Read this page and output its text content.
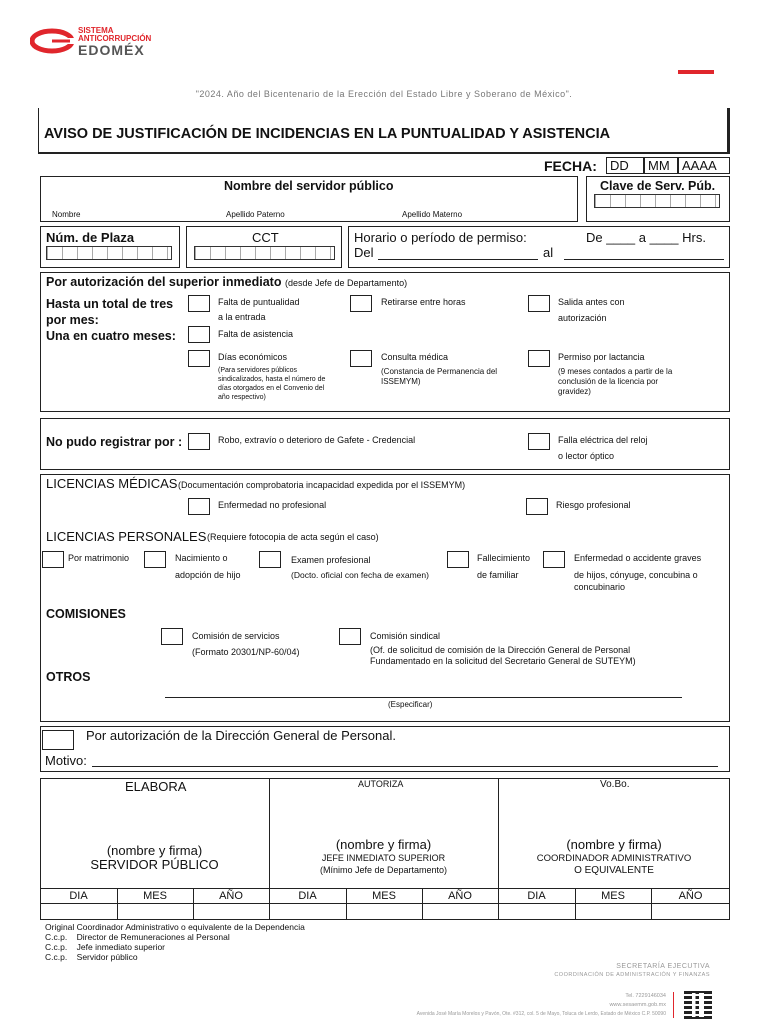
SISTEMA
ANTICORRUPCIÓN
EDOMÉX
"2024. Año del Bicentenario de la Erección del Estado Libre y Soberano de México".
AVISO DE JUSTIFICACIÓN DE INCIDENCIAS EN LA PUNTUALIDAD Y ASISTENCIA
FECHA: DD MM AAAA
Nombre del servidor público
Nombre	Apellido Paterno	Apellido Materno
Clave de Serv. Púb.
Núm. de Plaza	CCT	Horario o período de permiso:	De ____ a ____ Hrs.
Del	al
Por autorización del superior inmediato (desde Jefe de Departamento)
Hasta un total de tres
por mes:
Una en cuatro meses:
Falta de puntualidad
a la entrada
Retirarse entre horas	Salida antes con
autorización
Falta de asistencia
Días económicos
(Para servidores públicos
sindicalizados, hasta el número de
días otorgados en el Convenio del
año respectivo)
Consulta médica
(Constancia de Permanencia del
ISSEMYM)
Permiso por lactancia
(9 meses contados a partir de la
conclusión de la licencia por
gravidez)
No pudo registrar por :	Robo, extravío o deterioro de Gafete - Credencial	Falla eléctrica del reloj
o lector óptico
LICENCIAS MÉDICAS (Documentación comprobatoria incapacidad expedida por el ISSEMYM)
Enfermedad no profesional	Riesgo profesional
LICENCIAS PERSONALES (Requiere fotocopia de acta según el caso)
Por matrimonio	Nacimiento o
adopción de hijo
Examen profesional
(Docto. oficial con fecha de examen)
Fallecimiento
de familiar
Enfermedad o accidente graves
de hijos, cónyuge, concubina o
concubinario
COMISIONES
Comisión de servicios
(Formato 20301/NP-60/04)
Comisión sindical
(Of. de solicitud de comisión de la Dirección General de Personal
Fundamentado en la solicitud del Secretario General de SUTEYM)
OTROS
(Especificar)
Por autorización de la Dirección General de Personal.
Motivo:
ELABORA	AUTORIZA	Vo.Bo.
(nombre y firma)
SERVIDOR PÚBLICO
(nombre y firma)
JEFE INMEDIATO SUPERIOR
(Mínimo Jefe de Departamento)
(nombre y firma)
COORDINADOR ADMINISTRATIVO
O EQUIVALENTE
DIA	MES	AÑO	DIA	MES	AÑO	DIA	MES	AÑO
Original Coordinador Administrativo o equivalente de la Dependencia
C.c.p.    Director de Remuneraciones al Personal
C.c.p.    Jefe inmediato superior
C.c.p.    Servidor público
SECRETARÍA EJECUTIVA
COORDINACIÓN DE ADMINISTRACIÓN Y FINANZAS
Tel. 7229146034
www.sesaemm.gob.mx
Avenida José María Morelos y Pavón, Ote. #312, col. 5 de Mayo, Toluca de Lerdo, Estado de México C.P. 50090
